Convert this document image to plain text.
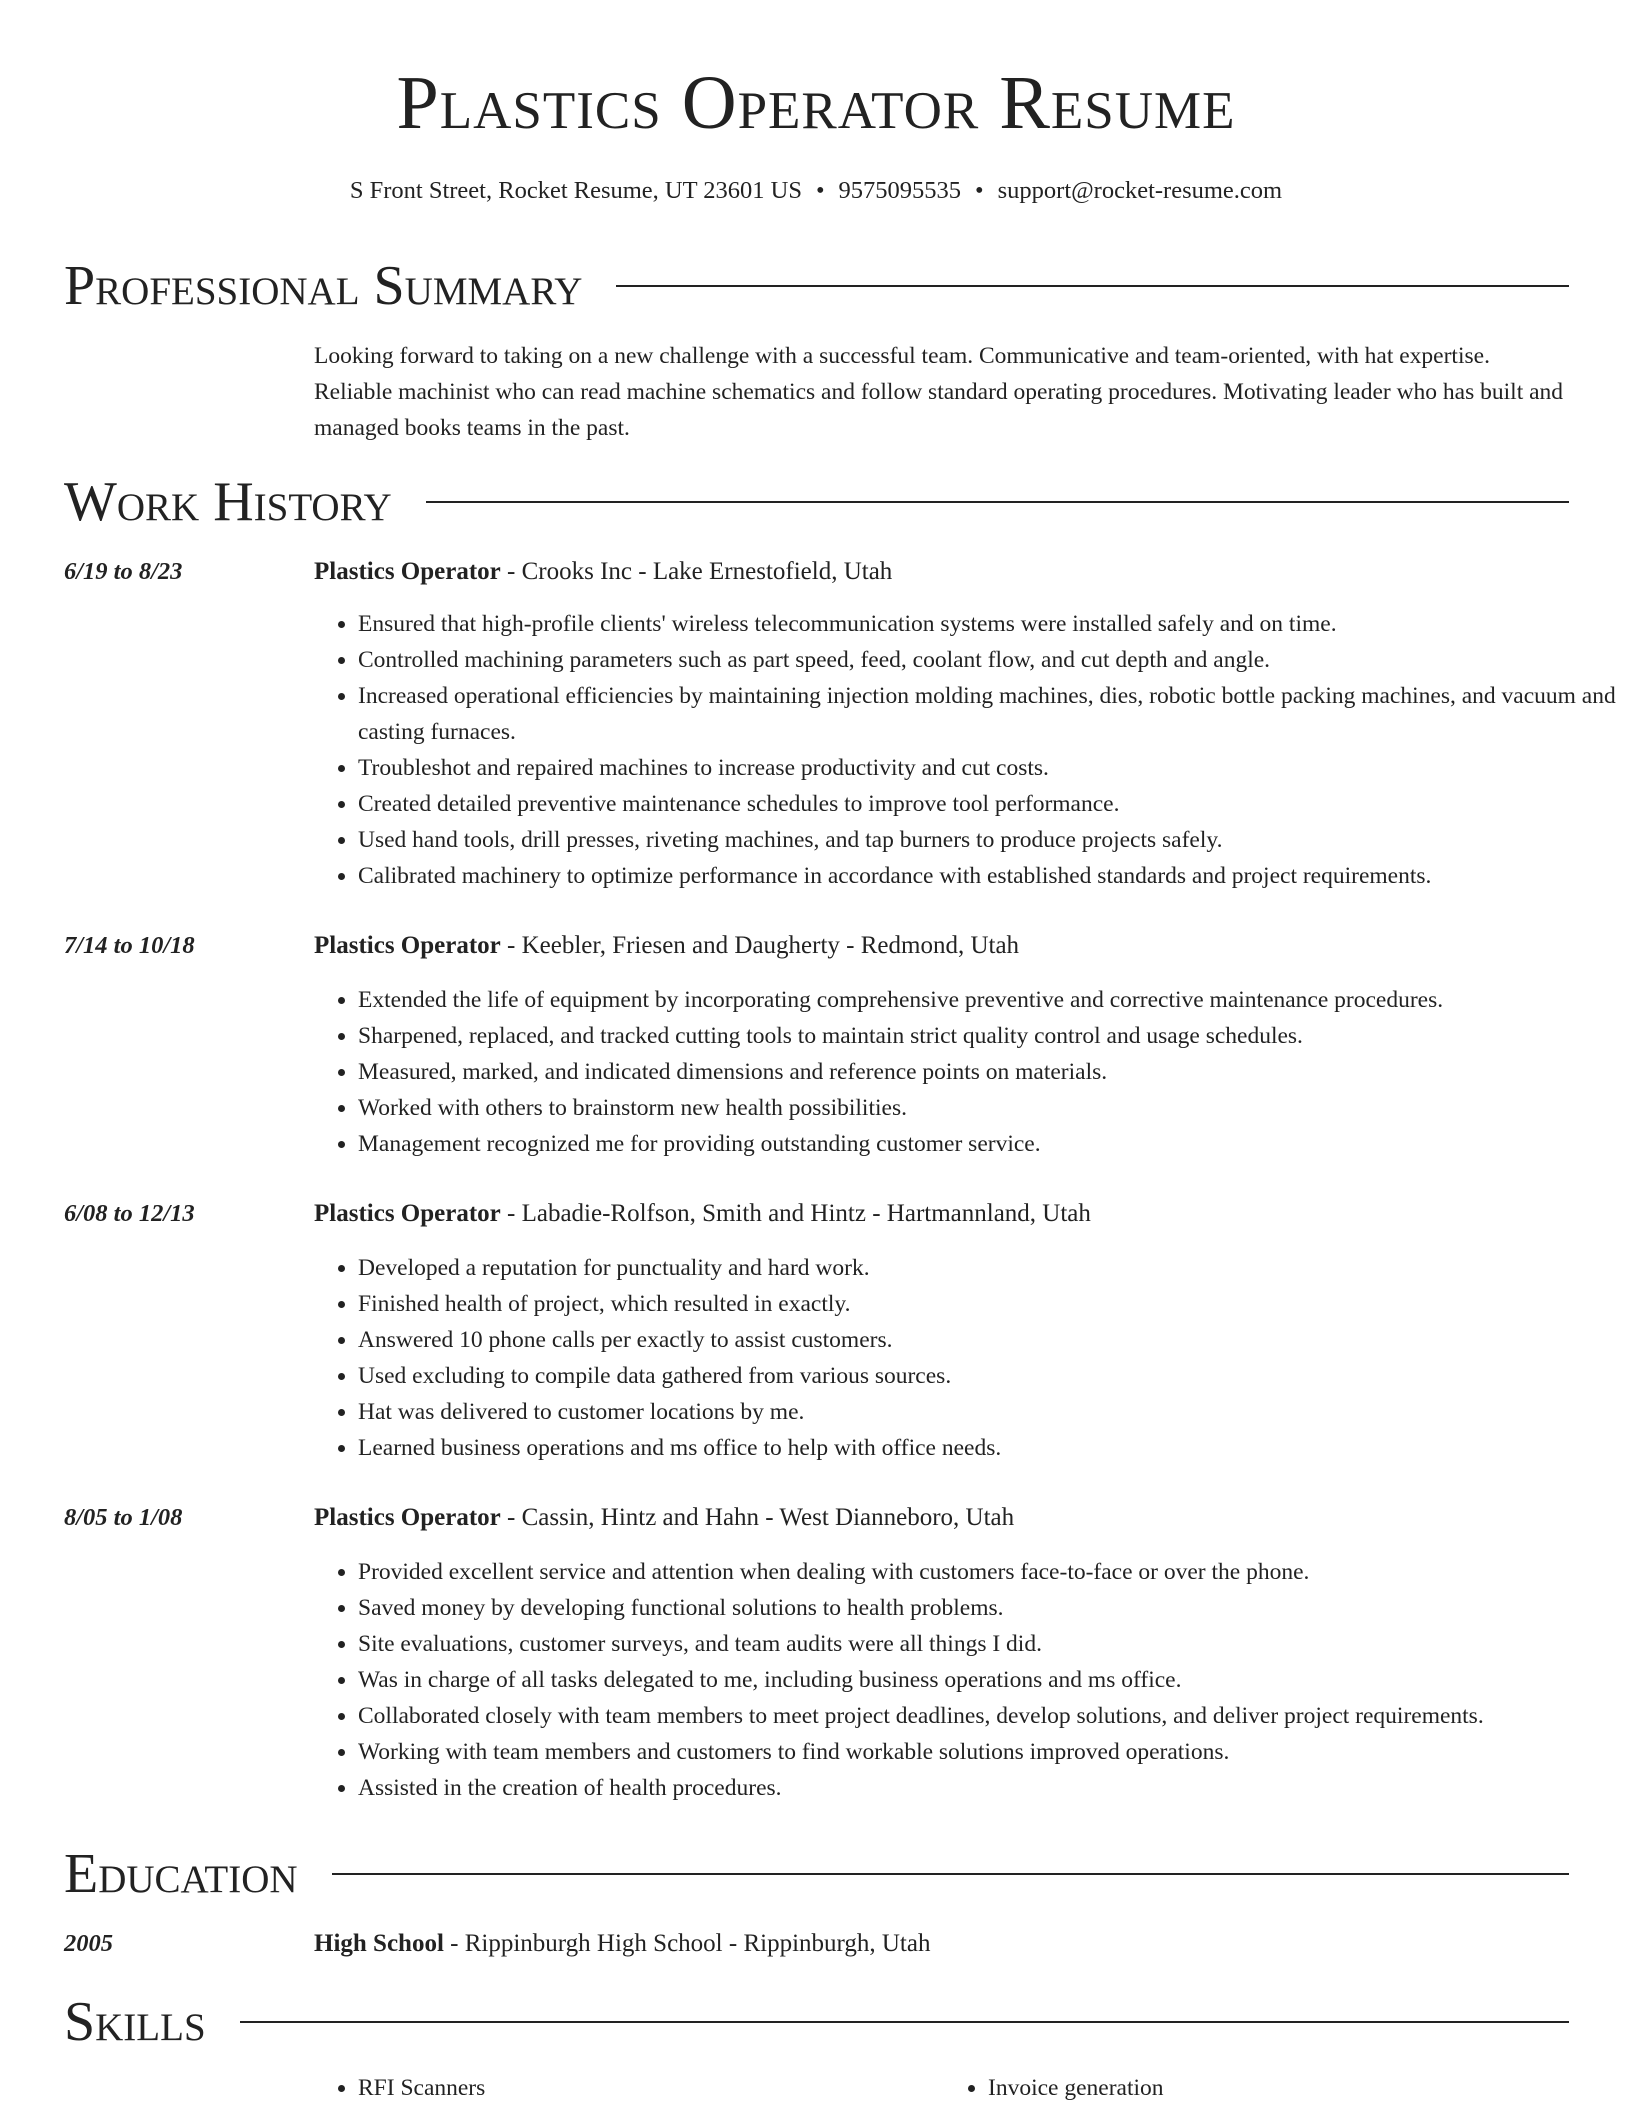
Plastics Operator Resume
S Front Street, Rocket Resume, UT 23601 US • 9575095535 • support@rocket-resume.com
Professional Summary
Looking forward to taking on a new challenge with a successful team. Communicative and team-oriented, with hat expertise. Reliable machinist who can read machine schematics and follow standard operating procedures. Motivating leader who has built and managed books teams in the past.
Work History
6/19 to 8/23	Plastics Operator - Crooks Inc - Lake Ernestofield, Utah
• Ensured that high-profile clients' wireless telecommunication systems were installed safely and on time.
• Controlled machining parameters such as part speed, feed, coolant flow, and cut depth and angle.
• Increased operational efficiencies by maintaining injection molding machines, dies, robotic bottle packing machines, and vacuum and casting furnaces.
• Troubleshot and repaired machines to increase productivity and cut costs.
• Created detailed preventive maintenance schedules to improve tool performance.
• Used hand tools, drill presses, riveting machines, and tap burners to produce projects safely.
• Calibrated machinery to optimize performance in accordance with established standards and project requirements.
7/14 to 10/18	Plastics Operator - Keebler, Friesen and Daugherty - Redmond, Utah
• Extended the life of equipment by incorporating comprehensive preventive and corrective maintenance procedures.
• Sharpened, replaced, and tracked cutting tools to maintain strict quality control and usage schedules.
• Measured, marked, and indicated dimensions and reference points on materials.
• Worked with others to brainstorm new health possibilities.
• Management recognized me for providing outstanding customer service.
6/08 to 12/13	Plastics Operator - Labadie-Rolfson, Smith and Hintz - Hartmannland, Utah
• Developed a reputation for punctuality and hard work.
• Finished health of project, which resulted in exactly.
• Answered 10 phone calls per exactly to assist customers.
• Used excluding to compile data gathered from various sources.
• Hat was delivered to customer locations by me.
• Learned business operations and ms office to help with office needs.
8/05 to 1/08	Plastics Operator - Cassin, Hintz and Hahn - West Dianneboro, Utah
• Provided excellent service and attention when dealing with customers face-to-face or over the phone.
• Saved money by developing functional solutions to health problems.
• Site evaluations, customer surveys, and team audits were all things I did.
• Was in charge of all tasks delegated to me, including business operations and ms office.
• Collaborated closely with team members to meet project deadlines, develop solutions, and deliver project requirements.
• Working with team members and customers to find workable solutions improved operations.
• Assisted in the creation of health procedures.
Education
2005	High School - Rippinburgh High School - Rippinburgh, Utah
Skills
• RFI Scanners
•	Invoice generation
